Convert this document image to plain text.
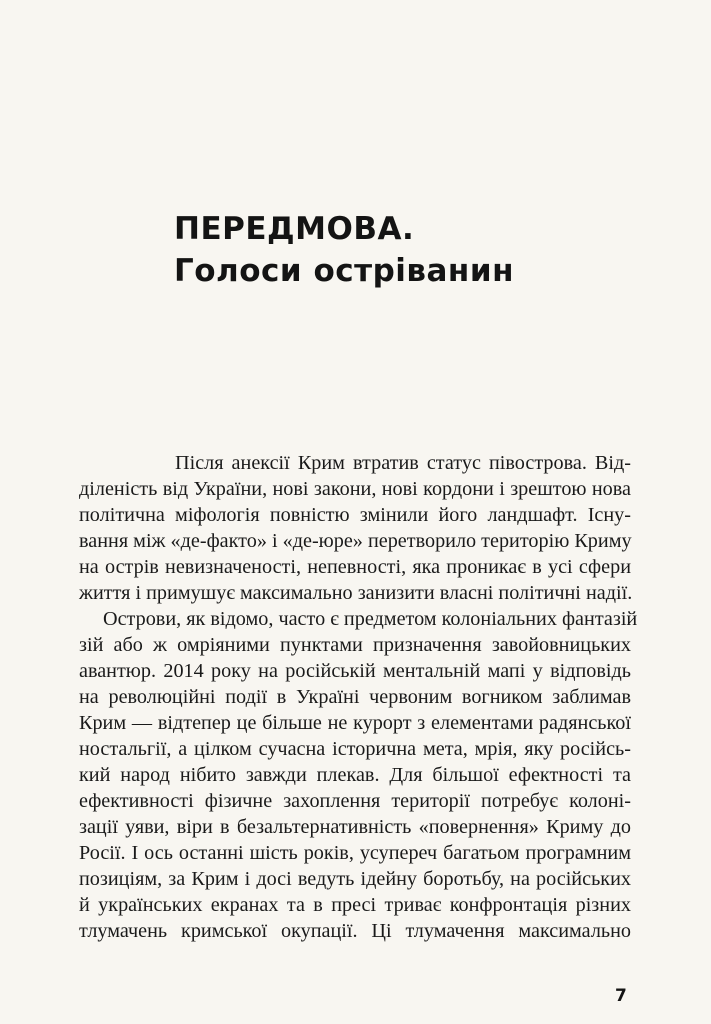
ПЕРЕДМОВА.
Голоси остріванин
Після анексії Крим втратив статус півострова. Від-
діленість від України, нові закони, нові кордони і зрештою нова
політична міфологія повністю змінили його ландшафт. Існу-
вання між «де-факто» і «де-юре» перетворило територію Криму
на острів невизначеності, непевності, яка проникає в усі сфери
життя і примушує максимально занизити власні політичні надії.
Острови, як відомо, часто є предметом колоніальних фантазій
зій або ж омріяними пунктами призначення завойовницьких
авантюр. 2014 року на російській ментальній мапі у відповідь
на революційні події в Україні червоним вогником заблимав
Крим — відтепер це більше не курорт з елементами радянської
ностальгії, а цілком сучасна історична мета, мрія, яку російсь-
кий народ нібито завжди плекав. Для більшої ефектності та
ефективності фізичне захоплення території потребує колоні-
зації уяви, віри в безальтернативність «повернення» Криму до
Росії. І ось останні шість років, усупереч багатьом програмним
позиціям, за Крим і досі ведуть ідейну боротьбу, на російських
й українських екранах та в пресі триває конфронтація різних
тлумачень кримської окупації. Ці тлумачення максимально
7
